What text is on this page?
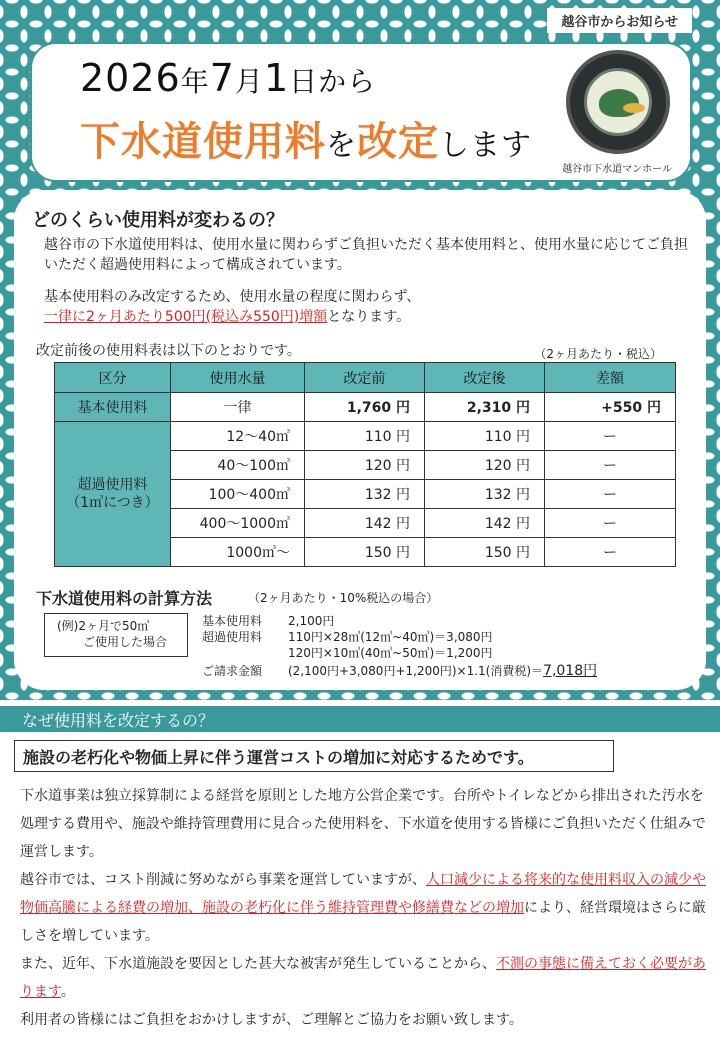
越谷市からお知らせ
2026年7月1日から
下水道使用料を改定します
越谷市下水道マンホール
どのくらい使用料が変わるの？
越谷市の下水道使用料は、使用水量に関わらずご負担いただく基本使用料と、使用水量に応じてご負担いただく超過使用料によって構成されています。
基本使用料のみ改定するため、使用水量の程度に関わらず、
一律に2ヶ月あたり500円(税込み550円)増額となります。
改定前後の使用料表は以下のとおりです。	（2ヶ月あたり・税込）
区分	使用水量	改定前	改定後	差額
基本使用料	一律	1,760 円	2,310 円	+550 円
超過使用料
（1㎥につき）	12～40㎥	110 円	110 円	ー
	40～100㎥	120 円	120 円	ー
	100～400㎥	132 円	132 円	ー
	400～1000㎥	142 円	142 円	ー
	1000㎥～	150 円	150 円	ー
下水道使用料の計算方法	（2ヶ月あたり・10%税込の場合）
(例)2ヶ月で50㎥
ご使用した場合
基本使用料 2,100円
超過使用料 110円×28㎥(12㎥~40㎥)＝3,080円
120円×10㎥(40㎥~50㎥)＝1,200円
ご請求金額 (2,100円+3,080円+1,200円)×1.1(消費税)＝7,018円
なぜ使用料を改定するの？
施設の老朽化や物価上昇に伴う運営コストの増加に対応するためです。
下水道事業は独立採算制による経営を原則とした地方公営企業です。台所やトイレなどから排出された汚水を処理する費用や、施設や維持管理費用に見合った使用料を、下水道を使用する皆様にご負担いただく仕組みで運営します。
越谷市では、コスト削減に努めながら事業を運営していますが、人口減少による将来的な使用料収入の減少や物価高騰による経費の増加、施設の老朽化に伴う維持管理費や修繕費などの増加により、経営環境はさらに厳しさを増しています。
また、近年、下水道施設を要因とした甚大な被害が発生していることから、不測の事態に備えておく必要があります。
利用者の皆様にはご負担をおかけしますが、ご理解とご協力をお願い致します。
